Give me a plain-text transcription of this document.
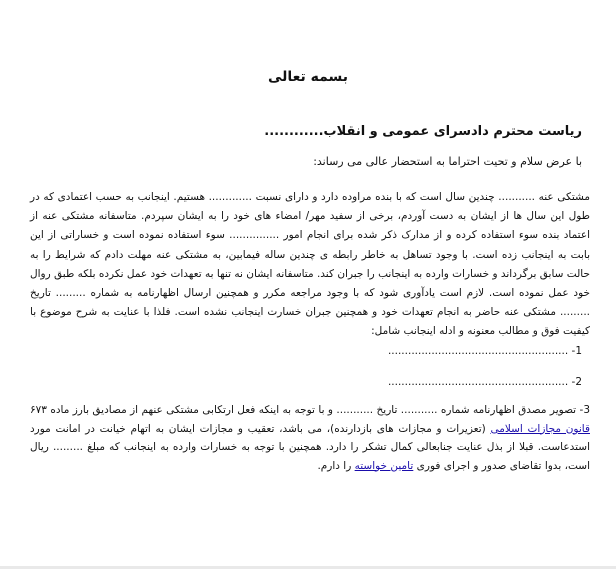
بسمه تعالی
ریاست محترم دادسرای عمومی و انقلاب............
با عرض سلام و تحیت احتراما به استحضار عالی می رساند:
مشتکی عنه ........... چندین سال است که با بنده مراوده دارد و دارای نسبت ............. هستیم. اینجانب به حسب اعتمادی که در طول این سال ها از ایشان به دست آوردم، برخی از سفید مهر/ امضاء های خود را به ایشان سپردم. متاسفانه مشتکی عنه از اعتماد بنده سوء استفاده کرده و از مدارک ذکر شده برای انجام امور ............... سوء استفاده نموده است و خساراتی از این بابت به اینجانب زده است. با وجود تساهل به خاطر رابطه ی چندین ساله فیمابین، به مشتکی عنه مهلت دادم که شرایط را به حالت سابق برگرداند و خسارات وارده به اینجانب را جبران کند. متاسفانه ایشان نه تنها به تعهدات خود عمل نکرده بلکه طبق روال خود عمل نموده است. لازم است یادآوری شود که با وجود مراجعه مکرر و همچنین ارسال اظهارنامه به شماره ......... تاریخ ......... مشتکی عنه حاضر به انجام تعهدات خود و همچنین جبران خسارت اینجانب نشده است. فلذا با عنایت به شرح موضوع با کیفیت فوق و مطالب معنونه و ادله اینجانب شامل:
1- ......................................................
2- ......................................................
3- تصویر مصدق اظهارنامه شماره ........... تاریخ ........... و با توجه به اینکه فعل ارتکابی مشتکی عنهم از مصادیق بارز ماده ۶۷۳ قانون مجازات اسلامی (تعزیرات و مجازات های بازدارنده)، می باشد، تعقیب و مجازات ایشان به اتهام خیانت در امانت مورد استدعاست. قبلا از بذل عنایت جنابعالی کمال تشکر را دارد. همچنین با توجه به خسارات وارده به اینجانب که مبلغ ......... ریال است، بدوا تقاضای صدور و اجرای فوری تامین خواسته را دارم.
